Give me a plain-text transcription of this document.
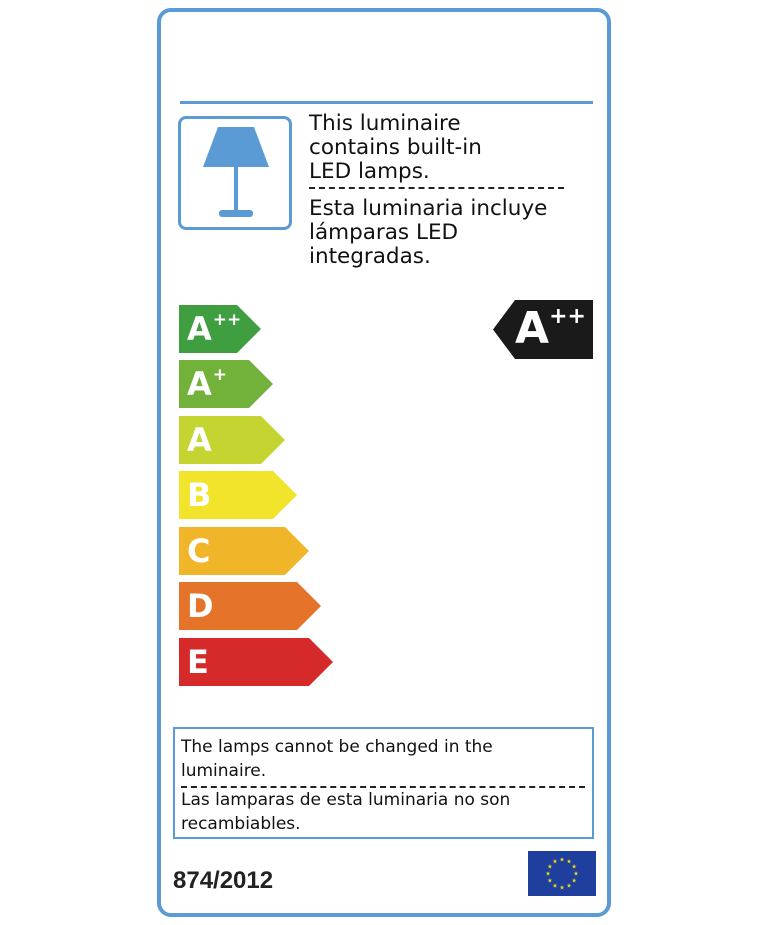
This luminaire
contains built-in
LED lamps.
Esta luminaria incluye
lámparas LED
integradas.
A++
A+
A
B
C
D
E
A++
The lamps cannot be changed in the
luminaire.
Las lamparas de esta luminaria no son
recambiables.
874/2012
